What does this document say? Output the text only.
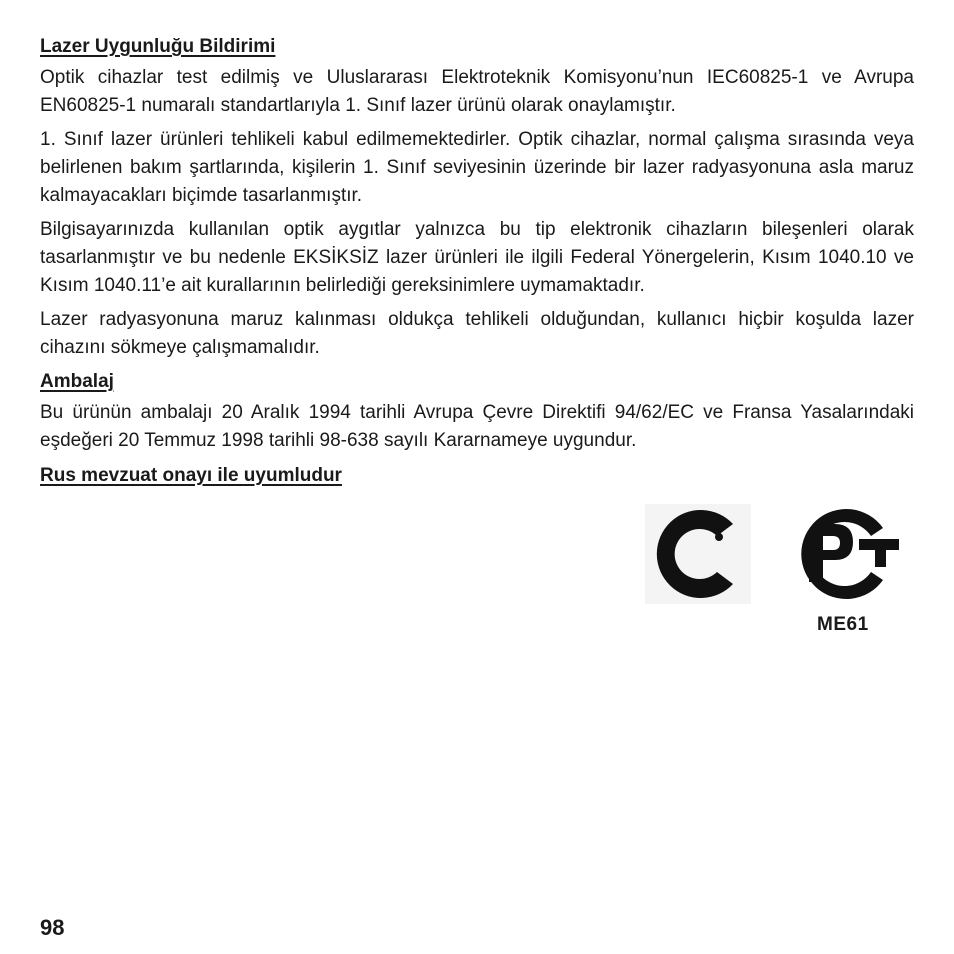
Lazer Uygunluğu Bildirimi

Optik cihazlar test edilmiş ve Uluslararası Elektroteknik Komisyonu’nun IEC60825-1 ve Avrupa EN60825-1 numaralı standartlarıyla 1. Sınıf lazer ürünü olarak onaylamıştır.

1. Sınıf lazer ürünleri tehlikeli kabul edilmemektedirler. Optik cihazlar, normal çalışma sırasında veya belirlenen bakım şartlarında, kişilerin 1. Sınıf seviyesinin üzerinde bir lazer radyasyonuna asla maruz kalmayacakları biçimde tasarlanmıştır.

Bilgisayarınızda kullanılan optik aygıtlar yalnızca bu tip elektronik cihazların bileşenleri olarak tasarlanmıştır ve bu nedenle EKSİKSİZ lazer ürünleri ile ilgili Federal Yönergelerin, Kısım 1040.10 ve Kısım 1040.11’e ait kurallarının belirlediği gereksinimlere uymamaktadır.

Lazer radyasyonuna maruz kalınması oldukça tehlikeli olduğundan, kullanıcı hiçbir koşulda lazer cihazını sökmeye çalışmamalıdır.

Ambalaj

Bu ürünün ambalajı 20 Aralık 1994 tarihli Avrupa Çevre Direktifi 94/62/EC ve Fransa Yasalarındaki eşdeğeri 20 Temmuz 1998 tarihli 98-638 sayılı Kararnameye uygundur.

Rus mevzuat onayı ile uyumludur
ME61
98
